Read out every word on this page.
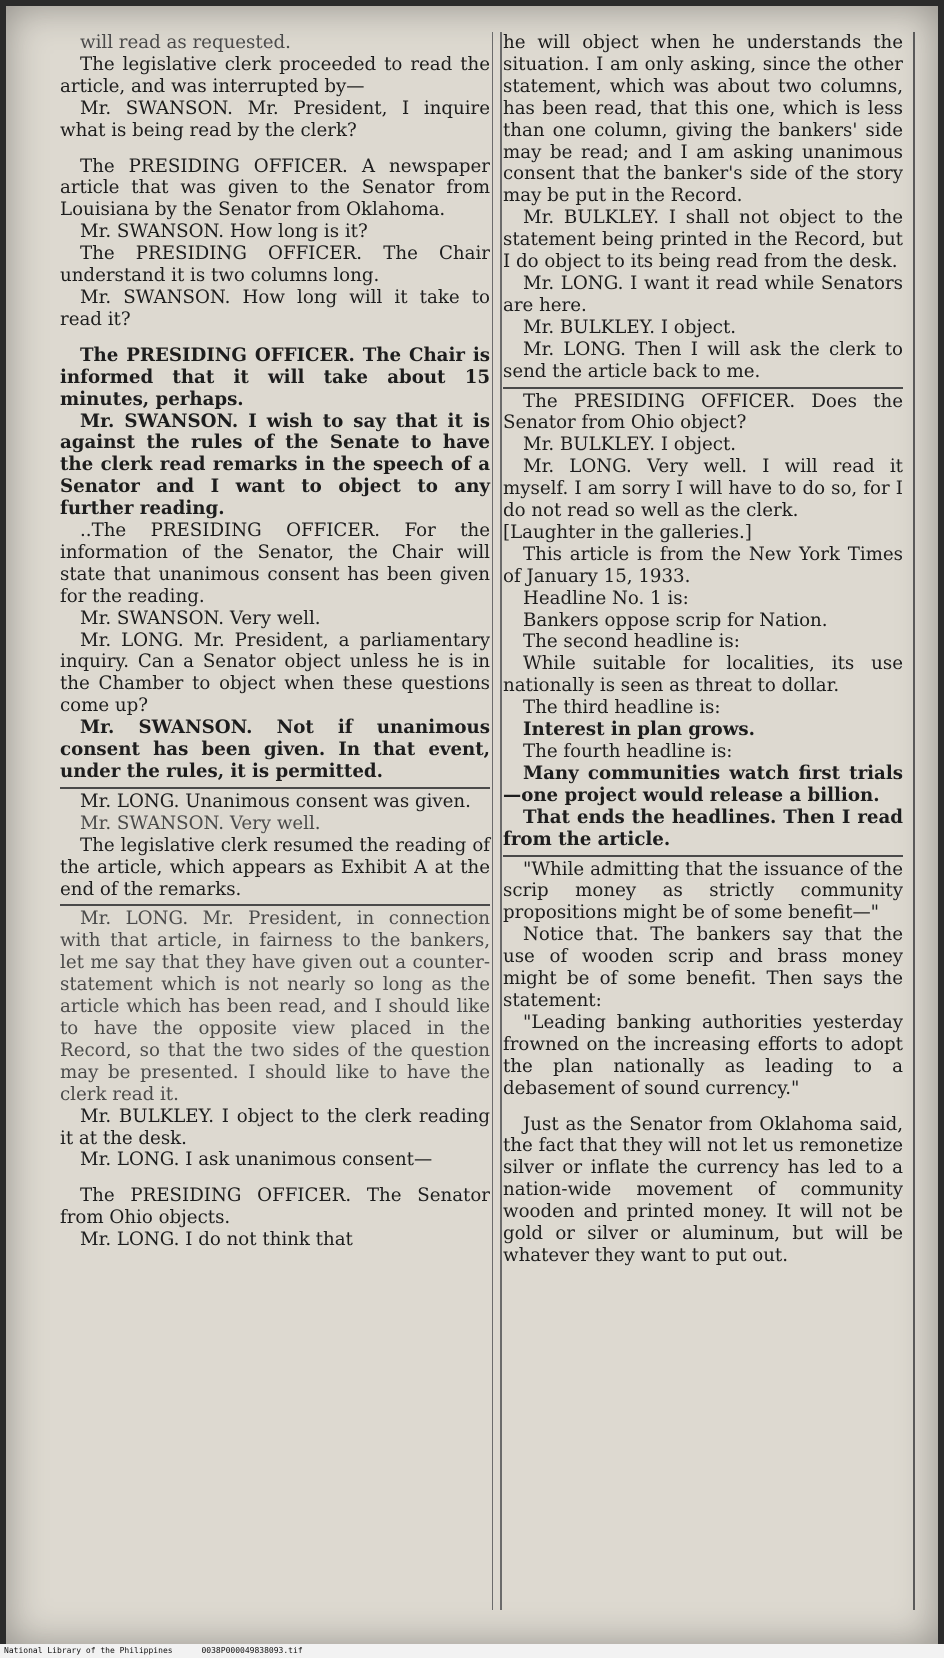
will read as requested.

The legislative clerk proceeded to read the article, and was interrupted by—

Mr. SWANSON. Mr. President, I inquire what is being read by the clerk?

The PRESIDING OFFICER. A newspaper article that was given to the Senator from Louisiana by the Senator from Oklahoma.

Mr. SWANSON. How long is it?

The PRESIDING OFFICER. The Chair understand it is two columns long.

Mr. SWANSON. How long will it take to read it?

The PRESIDING OFFICER. The Chair is informed that it will take about 15 minutes, perhaps.

Mr. SWANSON. I wish to say that it is against the rules of the Senate to have the clerk read remarks in the speech of a Senator and I want to object to any further reading.

..The PRESIDING OFFICER. For the information of the Senator, the Chair will state that unanimous consent has been given for the reading.

Mr. SWANSON. Very well.

Mr. LONG. Mr. President, a parliamentary inquiry. Can a Senator object unless he is in the Chamber to object when these questions come up?

Mr. SWANSON. Not if unanimous consent has been given. In that event, under the rules, it is permitted.

Mr. LONG. Unanimous consent was given.

Mr. SWANSON. Very well.

The legislative clerk resumed the reading of the article, which appears as Exhibit A at the end of the remarks.

Mr. LONG. Mr. President, in connection with that article, in fairness to the bankers, let me say that they have given out a counter-statement which is not nearly so long as the article which has been read, and I should like to have the opposite view placed in the Record, so that the two sides of the question may be presented. I should like to have the clerk read it.

Mr. BULKLEY. I object to the clerk reading it at the desk.

Mr. LONG. I ask unanimous consent—

The PRESIDING OFFICER. The Senator from Ohio objects.

Mr. LONG. I do not think that

he will object when he understands the situation. I am only asking, since the other statement, which was about two columns, has been read, that this one, which is less than one column, giving the bankers' side may be read; and I am asking unanimous consent that the banker's side of the story may be put in the Record.

Mr. BULKLEY. I shall not object to the statement being printed in the Record, but I do object to its being read from the desk.

Mr. LONG. I want it read while Senators are here.

Mr. BULKLEY. I object.

Mr. LONG. Then I will ask the clerk to send the article back to me.

The PRESIDING OFFICER. Does the Senator from Ohio object?

Mr. BULKLEY. I object.

Mr. LONG. Very well. I will read it myself. I am sorry I will have to do so, for I do not read so well as the clerk.

[Laughter in the galleries.]

This article is from the New York Times of January 15, 1933.

Headline No. 1 is:

Bankers oppose scrip for Nation.

The second headline is:

While suitable for localities, its use nationally is seen as threat to dollar.

The third headline is:

Interest in plan grows.

The fourth headline is:

Many communities watch first trials—one project would release a billion.

That ends the headlines. Then I read from the article.

"While admitting that the issuance of the scrip money as strictly community propositions might be of some benefit—"

Notice that. The bankers say that the use of wooden scrip and brass money might be of some benefit. Then says the statement:

"Leading banking authorities yesterday frowned on the increasing efforts to adopt the plan nationally as leading to a debasement of sound currency."

Just as the Senator from Oklahoma said, the fact that they will not let us remonetize silver or inflate the currency has led to a nation-wide movement of community wooden and printed money. It will not be gold or silver or aluminum, but will be whatever they want to put out.

National Library of the Philippines	0038P000049838093.tif
